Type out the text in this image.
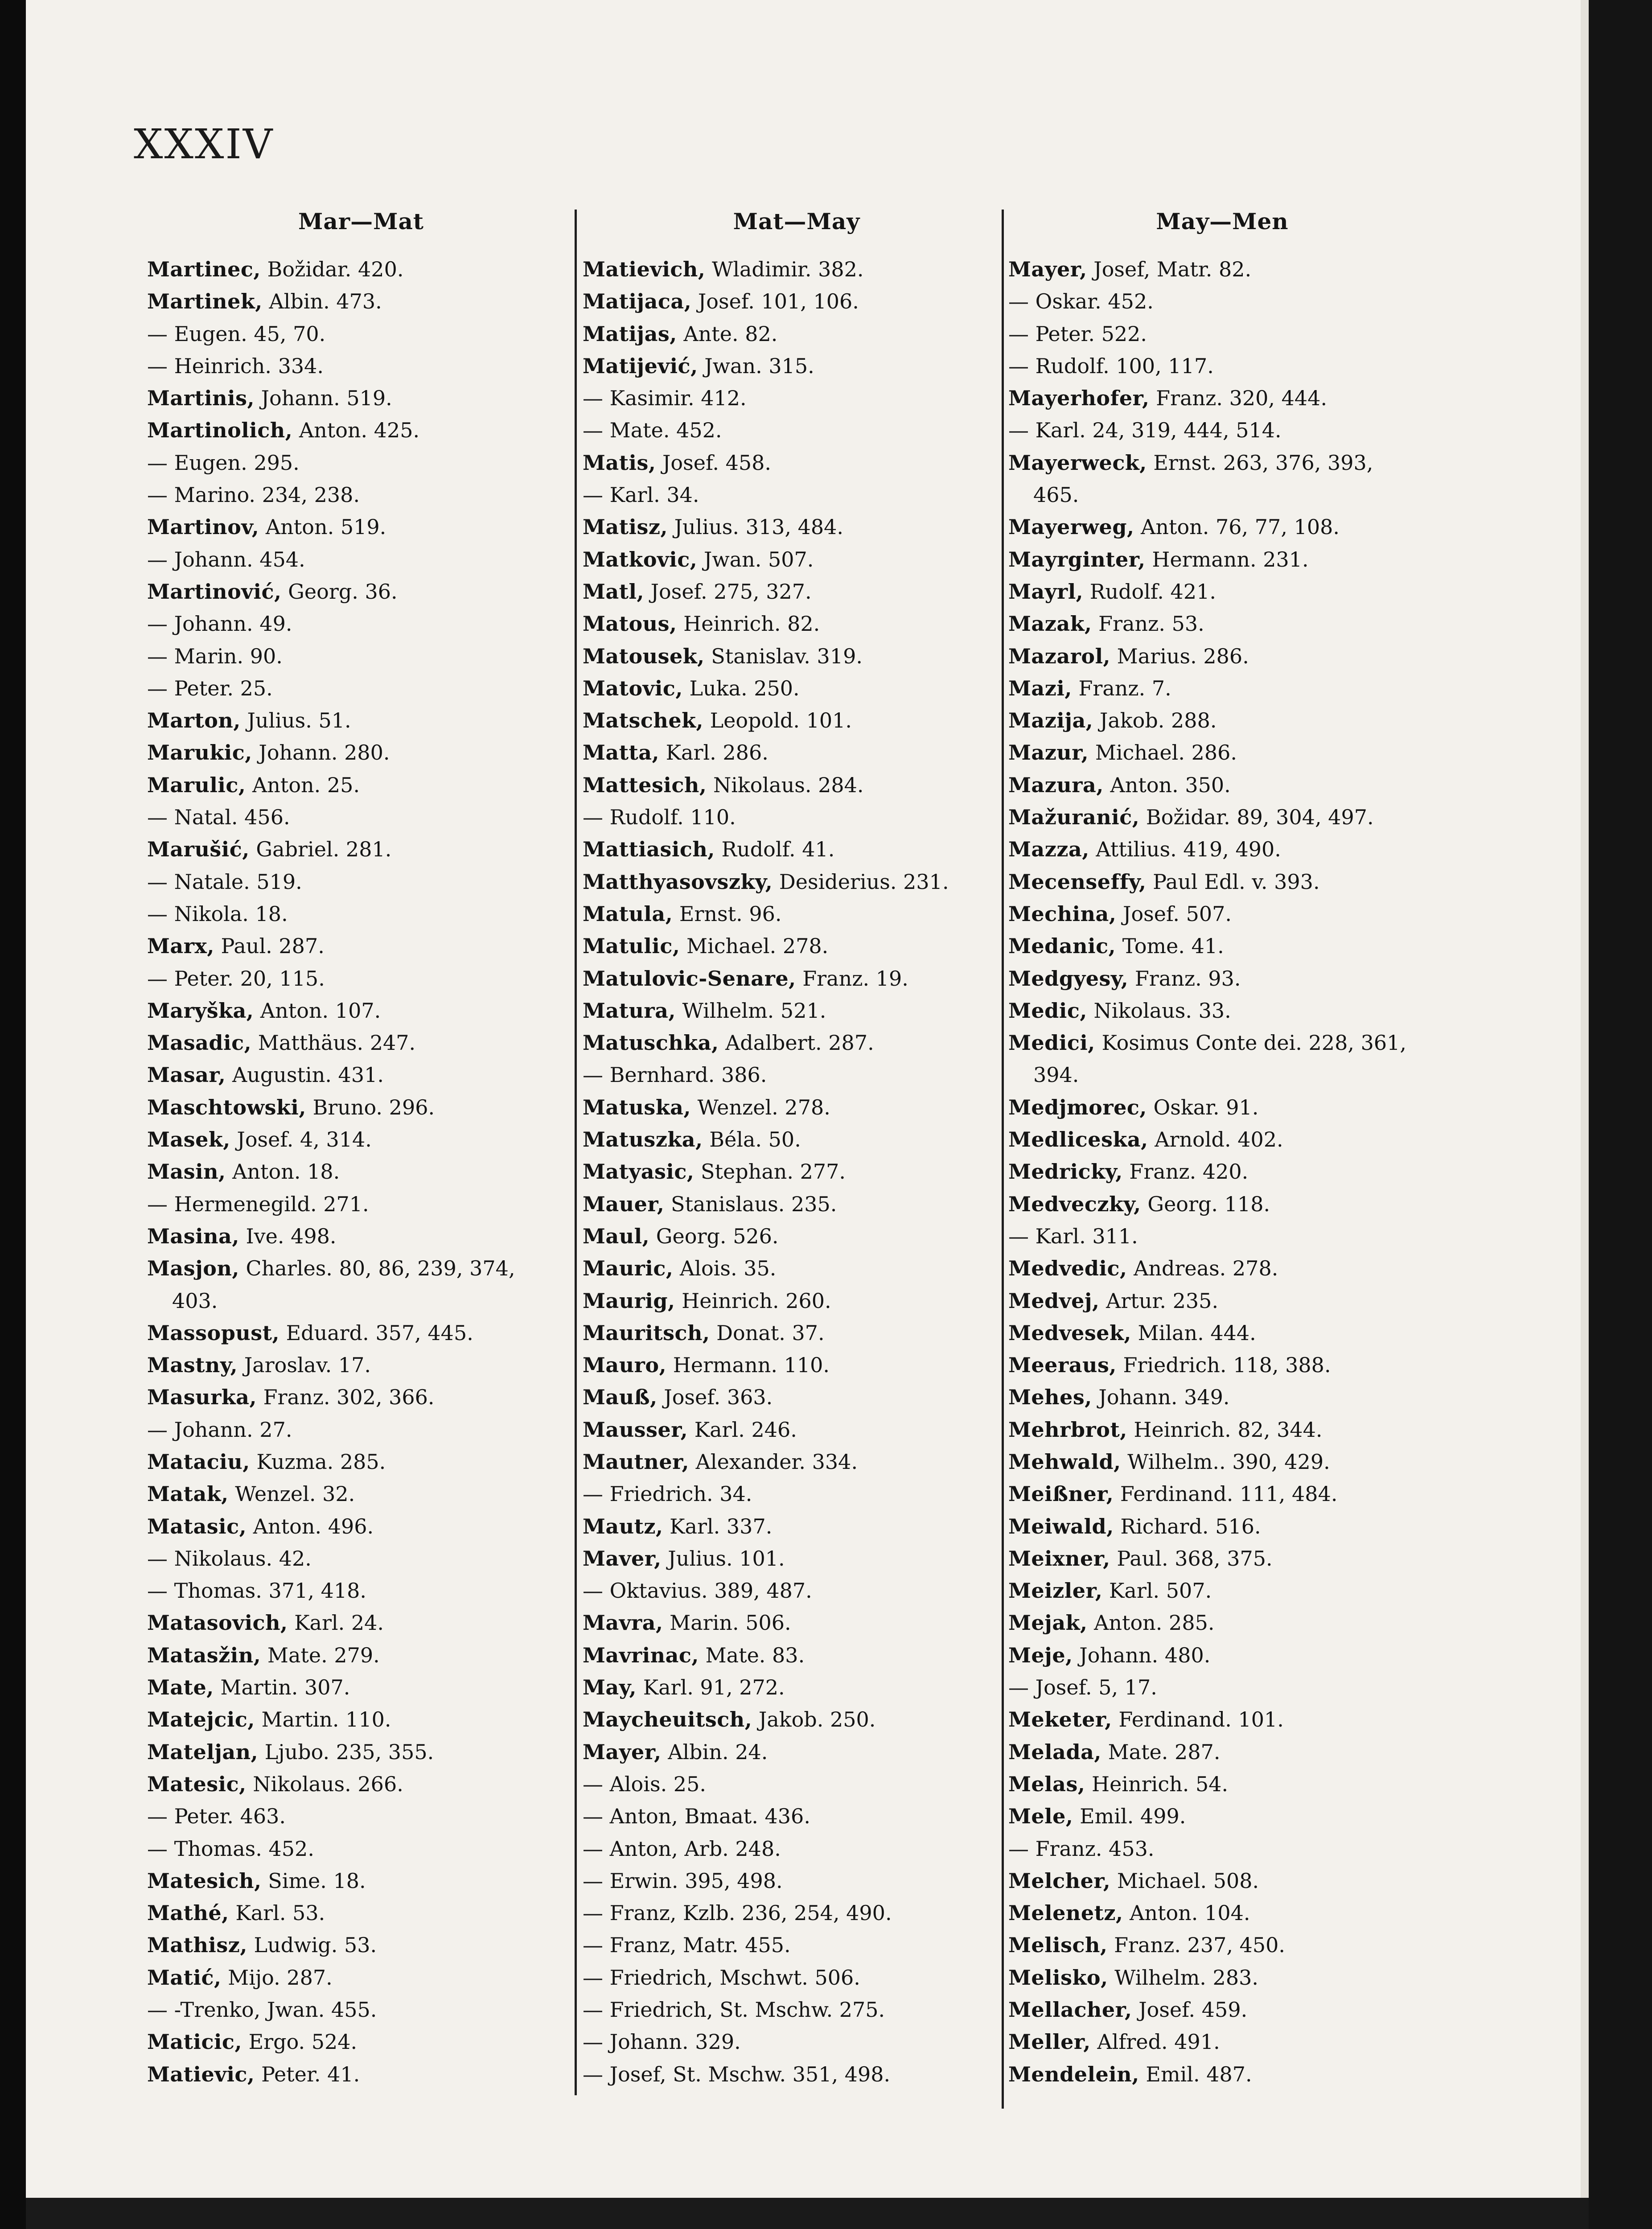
XXXIV
Mar—Mat
Martinec, Božidar. 420.
Martinek, Albin. 473.
— Eugen. 45, 70.
— Heinrich. 334.
Martinis, Johann. 519.
Martinolich, Anton. 425.
— Eugen. 295.
— Marino. 234, 238.
Martinov, Anton. 519.
— Johann. 454.
Martinović, Georg. 36.
— Johann. 49.
— Marin. 90.
— Peter. 25.
Marton, Julius. 51.
Marukic, Johann. 280.
Marulic, Anton. 25.
— Natal. 456.
Marušić, Gabriel. 281.
— Natale. 519.
— Nikola. 18.
Marx, Paul. 287.
— Peter. 20, 115.
Maryška, Anton. 107.
Masadic, Matthäus. 247.
Masar, Augustin. 431.
Maschtowski, Bruno. 296.
Masek, Josef. 4, 314.
Masin, Anton. 18.
— Hermenegild. 271.
Masina, Ive. 498.
Masjon, Charles. 80, 86, 239, 374,
403.
Massopust, Eduard. 357, 445.
Mastny, Jaroslav. 17.
Masurka, Franz. 302, 366.
— Johann. 27.
Mataciu, Kuzma. 285.
Matak, Wenzel. 32.
Matasic, Anton. 496.
— Nikolaus. 42.
— Thomas. 371, 418.
Matasovich, Karl. 24.
Matasžin, Mate. 279.
Mate, Martin. 307.
Matejcic, Martin. 110.
Mateljan, Ljubo. 235, 355.
Matesic, Nikolaus. 266.
— Peter. 463.
— Thomas. 452.
Matesich, Sime. 18.
Mathé, Karl. 53.
Mathisz, Ludwig. 53.
Matić, Mijo. 287.
— -Trenko, Jwan. 455.
Maticic, Ergo. 524.
Matievic, Peter. 41.
Mat—May
Matievich, Wladimir. 382.
Matijaca, Josef. 101, 106.
Matijas, Ante. 82.
Matijević, Jwan. 315.
— Kasimir. 412.
— Mate. 452.
Matis, Josef. 458.
— Karl. 34.
Matisz, Julius. 313, 484.
Matkovic, Jwan. 507.
Matl, Josef. 275, 327.
Matous, Heinrich. 82.
Matousek, Stanislav. 319.
Matovic, Luka. 250.
Matschek, Leopold. 101.
Matta, Karl. 286.
Mattesich, Nikolaus. 284.
— Rudolf. 110.
Mattiasich, Rudolf. 41.
Matthyasovszky, Desiderius. 231.
Matula, Ernst. 96.
Matulic, Michael. 278.
Matulovic-Senare, Franz. 19.
Matura, Wilhelm. 521.
Matuschka, Adalbert. 287.
— Bernhard. 386.
Matuska, Wenzel. 278.
Matuszka, Béla. 50.
Matyasic, Stephan. 277.
Mauer, Stanislaus. 235.
Maul, Georg. 526.
Mauric, Alois. 35.
Maurig, Heinrich. 260.
Mauritsch, Donat. 37.
Mauro, Hermann. 110.
Mauß, Josef. 363.
Mausser, Karl. 246.
Mautner, Alexander. 334.
— Friedrich. 34.
Mautz, Karl. 337.
Maver, Julius. 101.
— Oktavius. 389, 487.
Mavra, Marin. 506.
Mavrinac, Mate. 83.
May, Karl. 91, 272.
Maycheuitsch, Jakob. 250.
Mayer, Albin. 24.
— Alois. 25.
— Anton, Bmaat. 436.
— Anton, Arb. 248.
— Erwin. 395, 498.
— Franz, Kzlb. 236, 254, 490.
— Franz, Matr. 455.
— Friedrich, Mschwt. 506.
— Friedrich, St. Mschw. 275.
— Johann. 329.
— Josef, St. Mschw. 351, 498.
May—Men
Mayer, Josef, Matr. 82.
— Oskar. 452.
— Peter. 522.
— Rudolf. 100, 117.
Mayerhofer, Franz. 320, 444.
— Karl. 24, 319, 444, 514.
Mayerweck, Ernst. 263, 376, 393,
465.
Mayerweg, Anton. 76, 77, 108.
Mayrginter, Hermann. 231.
Mayrl, Rudolf. 421.
Mazak, Franz. 53.
Mazarol, Marius. 286.
Mazi, Franz. 7.
Mazija, Jakob. 288.
Mazur, Michael. 286.
Mazura, Anton. 350.
Mažuranić, Božidar. 89, 304, 497.
Mazza, Attilius. 419, 490.
Mecenseffy, Paul Edl. v. 393.
Mechina, Josef. 507.
Medanic, Tome. 41.
Medgyesy, Franz. 93.
Medic, Nikolaus. 33.
Medici, Kosimus Conte dei. 228, 361,
394.
Medjmorec, Oskar. 91.
Medliceska, Arnold. 402.
Medricky, Franz. 420.
Medveczky, Georg. 118.
— Karl. 311.
Medvedic, Andreas. 278.
Medvej, Artur. 235.
Medvesek, Milan. 444.
Meeraus, Friedrich. 118, 388.
Mehes, Johann. 349.
Mehrbrot, Heinrich. 82, 344.
Mehwald, Wilhelm.. 390, 429.
Meißner, Ferdinand. 111, 484.
Meiwald, Richard. 516.
Meixner, Paul. 368, 375.
Meizler, Karl. 507.
Mejak, Anton. 285.
Meje, Johann. 480.
— Josef. 5, 17.
Meketer, Ferdinand. 101.
Melada, Mate. 287.
Melas, Heinrich. 54.
Mele, Emil. 499.
— Franz. 453.
Melcher, Michael. 508.
Melenetz, Anton. 104.
Melisch, Franz. 237, 450.
Melisko, Wilhelm. 283.
Mellacher, Josef. 459.
Meller, Alfred. 491.
Mendelein, Emil. 487.
